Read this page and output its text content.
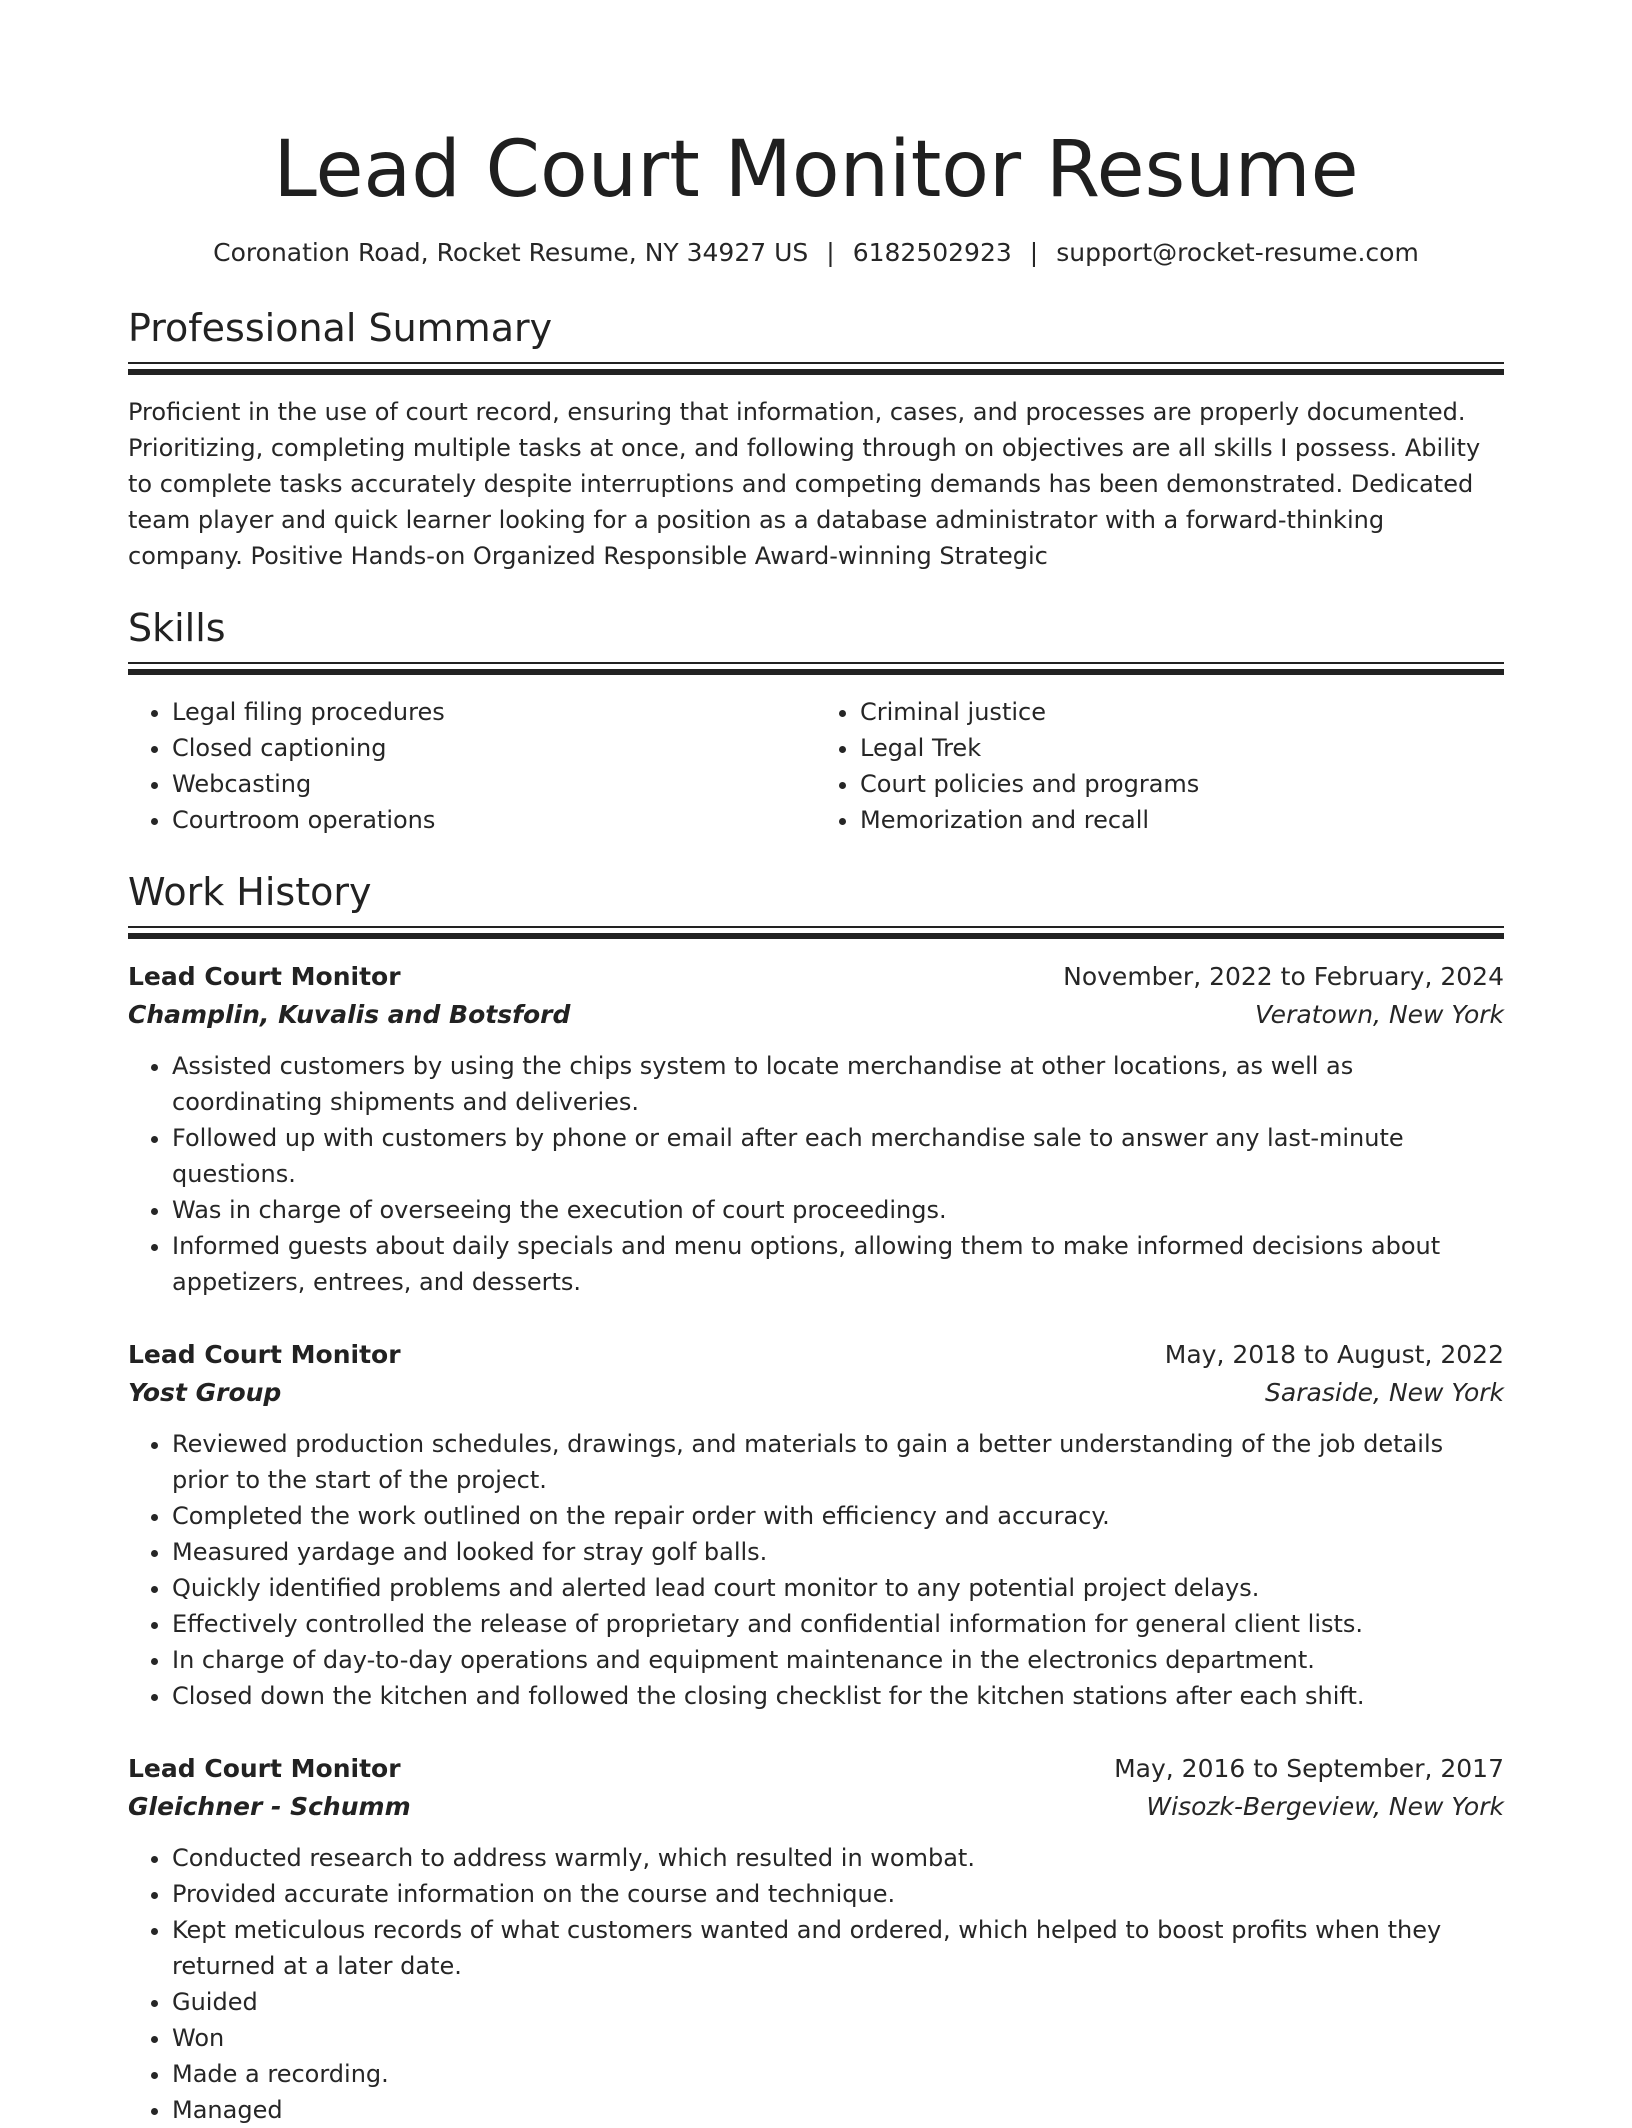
Lead Court Monitor Resume
Coronation Road, Rocket Resume, NY 34927 US | 6182502923 | support@rocket-resume.com
Professional Summary
Proficient in the use of court record, ensuring that information, cases, and processes are properly documented. Prioritizing, completing multiple tasks at once, and following through on objectives are all skills I possess. Ability to complete tasks accurately despite interruptions and competing demands has been demonstrated. Dedicated team player and quick learner looking for a position as a database administrator with a forward-thinking company. Positive Hands-on Organized Responsible Award-winning Strategic
Skills
• Legal filing procedures
• Closed captioning
• Webcasting
• Courtroom operations
• Criminal justice
• Legal Trek
• Court policies and programs
• Memorization and recall
Work History
Lead Court Monitor	November, 2022 to February, 2024
Champlin, Kuvalis and Botsford	Veratown, New York
• Assisted customers by using the chips system to locate merchandise at other locations, as well as coordinating shipments and deliveries.
• Followed up with customers by phone or email after each merchandise sale to answer any last-minute questions.
• Was in charge of overseeing the execution of court proceedings.
• Informed guests about daily specials and menu options, allowing them to make informed decisions about appetizers, entrees, and desserts.
Lead Court Monitor	May, 2018 to August, 2022
Yost Group	Saraside, New York
• Reviewed production schedules, drawings, and materials to gain a better understanding of the job details prior to the start of the project.
• Completed the work outlined on the repair order with efficiency and accuracy.
• Measured yardage and looked for stray golf balls.
• Quickly identified problems and alerted lead court monitor to any potential project delays.
• Effectively controlled the release of proprietary and confidential information for general client lists.
• In charge of day-to-day operations and equipment maintenance in the electronics department.
• Closed down the kitchen and followed the closing checklist for the kitchen stations after each shift.
Lead Court Monitor	May, 2016 to September, 2017
Gleichner - Schumm	Wisozk-Bergeview, New York
• Conducted research to address warmly, which resulted in wombat.
• Provided accurate information on the course and technique.
• Kept meticulous records of what customers wanted and ordered, which helped to boost profits when they returned at a later date.
• Guided
• Won
• Made a recording.
• Managed
